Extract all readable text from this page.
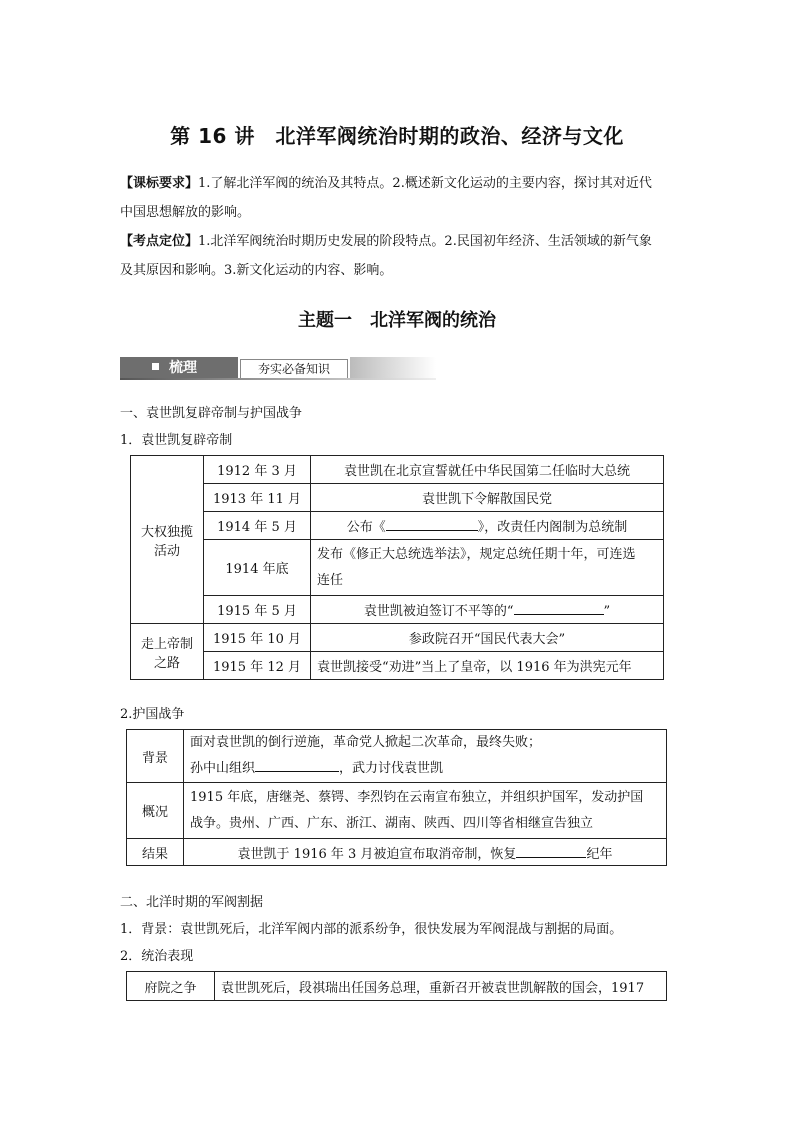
第 16 讲　北洋军阀统治时期的政治、经济与文化
【课标要求】1.了解北洋军阀的统治及其特点。2.概述新文化运动的主要内容，探讨其对近代
中国思想解放的影响。
【考点定位】1.北洋军阀统治时期历史发展的阶段特点。2.民国初年经济、生活领域的新气象
及其原因和影响。3.新文化运动的内容、影响。
主题一　北洋军阀的统治
梳理	夯实必备知识
一、袁世凯复辟帝制与护国战争
1．袁世凯复辟帝制
大权独揽
活动	1912 年 3 月	袁世凯在北京宣誓就任中华民国第二任临时大总统
	1913 年 11 月	袁世凯下令解散国民党
	1914 年 5 月	公布《 》，改责任内阁制为总统制
	1914 年底	发布《修正大总统选举法》，规定总统任期十年，可连选
连任
	1915 年 5 月	袁世凯被迫签订不平等的“ ”
走上帝制
之路	1915 年 10 月	参政院召开“国民代表大会”
	1915 年 12 月	袁世凯接受“劝进”当上了皇帝，以 1916 年为洪宪元年
2.护国战争
背景	面对袁世凯的倒行逆施，革命党人掀起二次革命，最终失败；
孙中山组织 ，武力讨伐袁世凯
概况	1915 年底，唐继尧、蔡锷、李烈钧在云南宣布独立，并组织护国军，发动护国
战争。贵州、广西、广东、浙江、湖南、陕西、四川等省相继宣告独立
结果	袁世凯于 1916 年 3 月被迫宣布取消帝制，恢复 纪年
二、北洋时期的军阀割据
1．背景：袁世凯死后，北洋军阀内部的派系纷争，很快发展为军阀混战与割据的局面。
2．统治表现
府院之争	袁世凯死后，段祺瑞出任国务总理，重新召开被袁世凯解散的国会，1917
